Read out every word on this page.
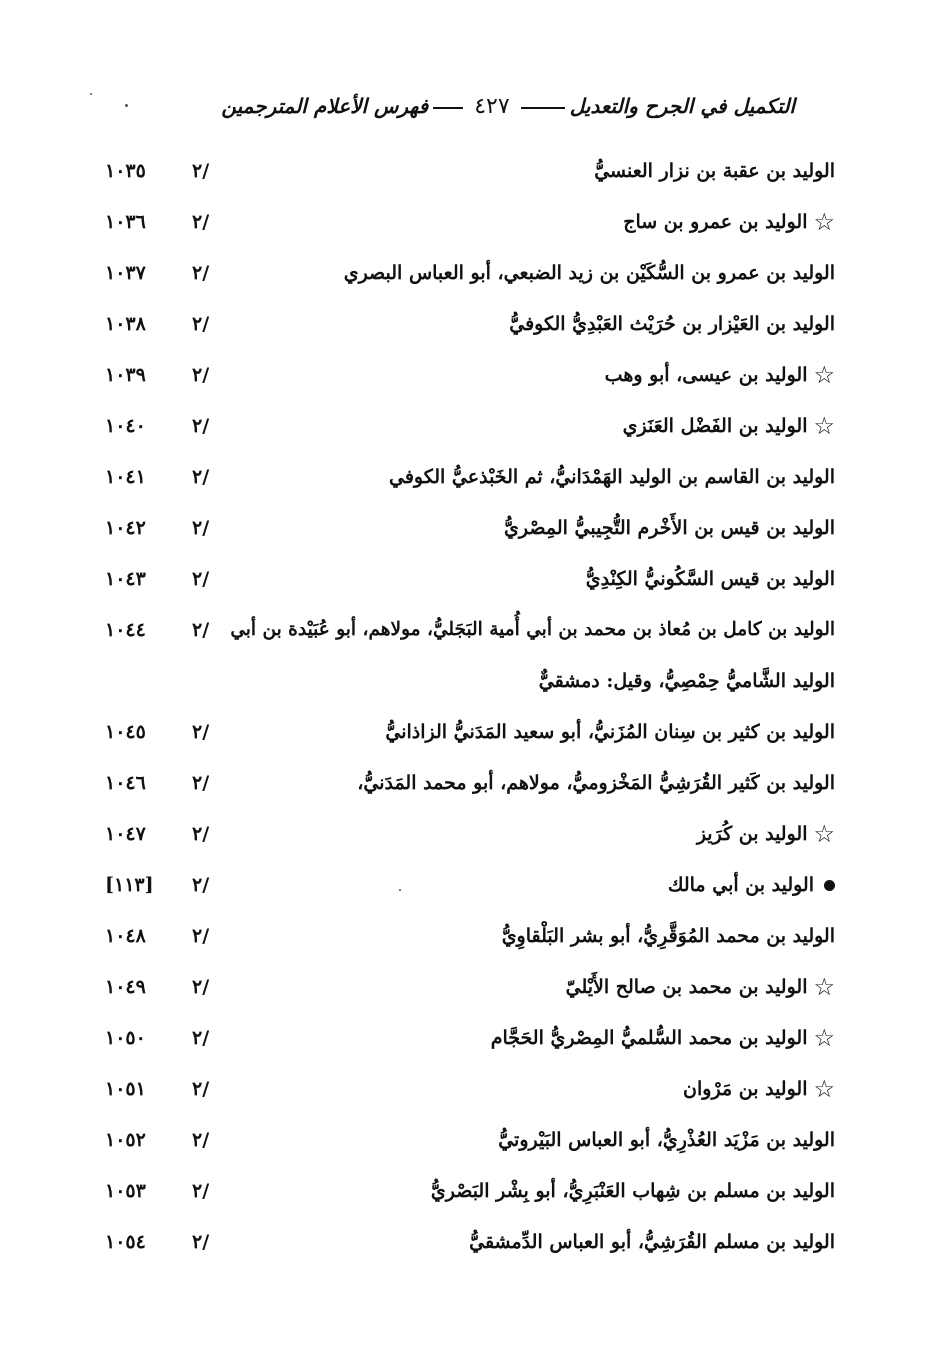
التكميل في الجرح والتعديل
٤٢٧
فهرس الأعلام المترجمين
الوليد بن عقبة بن نزار العنسيُّ
٢/
١٠٣٥
☆
الوليد بن عمرو بن ساج
٢/
١٠٣٦
الوليد بن عمرو بن السُّكَيْن بن زيد الضبعي، أبو العباس البصري
٢/
١٠٣٧
الوليد بن العَيْزار بن حُرَيْث العَبْدِيُّ الكوفيُّ
٢/
١٠٣٨
☆
الوليد بن عيسى، أبو وهب
٢/
١٠٣٩
☆
الوليد بن الفَضْل العَنَزي
٢/
١٠٤٠
الوليد بن القاسم بن الوليد الهَمْدَانيُّ، ثم الخَبْذعيُّ الكوفي
٢/
١٠٤١
الوليد بن قيس بن الأَخْرم التُّجِيبيُّ المِصْريُّ
٢/
١٠٤٢
الوليد بن قيس السَّكُونيُّ الكِنْدِيُّ
٢/
١٠٤٣
الوليد بن كامل بن مُعاذ بن محمد بن أبي أُمية البَجَليُّ، مولاهم، أبو عُبَيْدة بن أبي
٢/
١٠٤٤
الوليد الشَّاميُّ حِمْصِيُّ، وقيل: دمشقيٌّ
الوليد بن كثير بن سِنان المُزَنيُّ، أبو سعيد المَدَنيُّ الزاذانيُّ
٢/
١٠٤٥
الوليد بن كَثير القُرَشِيُّ المَخْزوميُّ، مولاهم، أبو محمد المَدَنيُّ،
٢/
١٠٤٦
☆
الوليد بن كُرَيز
٢/
١٠٤٧
الوليد بن أبي مالك
٢/
[١١٣]
الوليد بن محمد المُوَقَّرِيُّ، أبو بشر البَلْقاوِيُّ
٢/
١٠٤٨
☆
الوليد بن محمد بن صالح الأَيْليّ
٢/
١٠٤٩
☆
الوليد بن محمد السُّلميُّ المِصْريُّ الحَجَّام
٢/
١٠٥٠
☆
الوليد بن مَرْوان
٢/
١٠٥١
الوليد بن مَزْيَد العُذْرِيُّ، أبو العباس البَيْروتيُّ
٢/
١٠٥٢
الوليد بن مسلم بن شِهاب العَنْبَرِيُّ، أبو بِشْر البَصْريُّ
٢/
١٠٥٣
الوليد بن مسلم القُرَشِيُّ، أبو العباس الدِّمشقيُّ
٢/
١٠٥٤
